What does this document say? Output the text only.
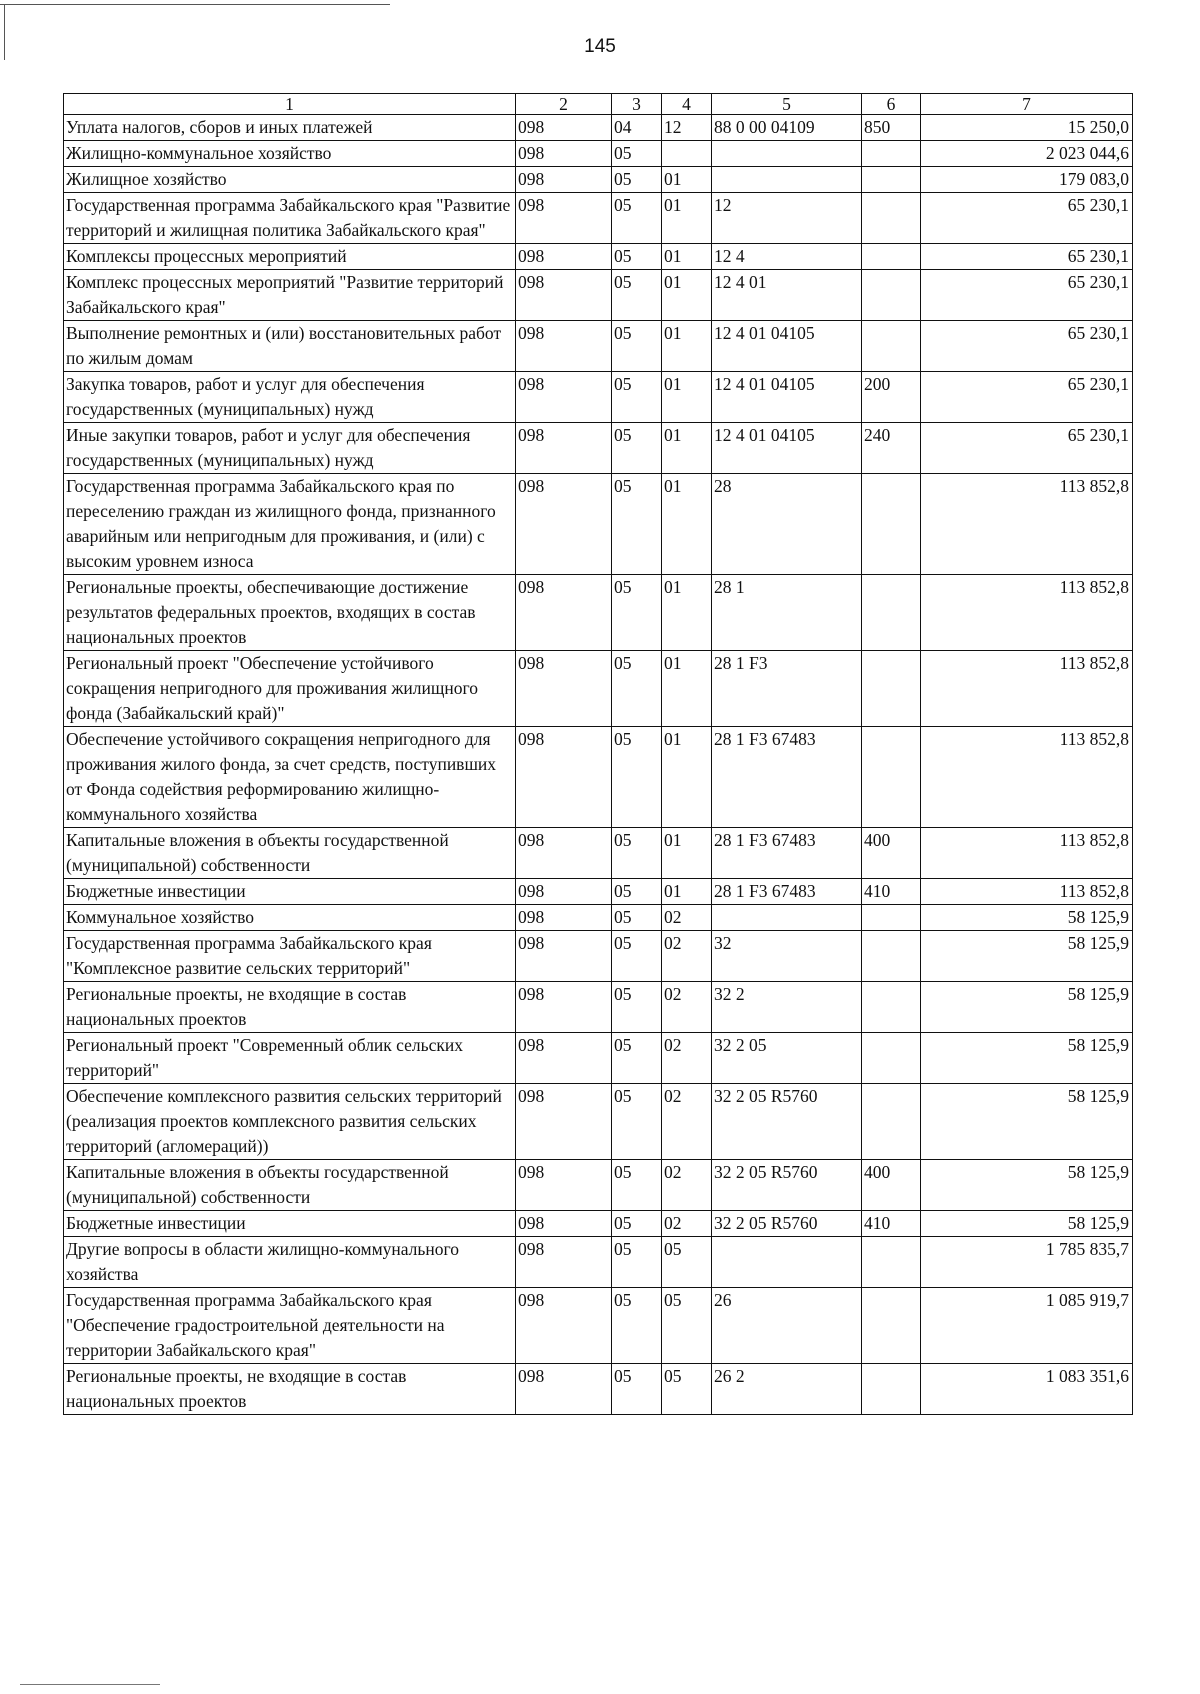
145
1	2	3	4	5	6	7
Уплата налогов, сборов и иных платежей	098	04	12	88 0 00 04109	850	15 250,0
Жилищно-коммунальное хозяйство	098	05				2 023 044,6
Жилищное хозяйство	098	05	01			179 083,0
Государственная программа Забайкальского края "Развитие территорий и жилищная политика Забайкальского края"	098	05	01	12		65 230,1
Комплексы процессных мероприятий	098	05	01	12 4		65 230,1
Комплекс процессных мероприятий "Развитие территорий Забайкальского края"	098	05	01	12 4 01		65 230,1
Выполнение ремонтных и (или) восстановительных работ по жилым домам	098	05	01	12 4 01 04105		65 230,1
Закупка товаров, работ и услуг для обеспечения государственных (муниципальных) нужд	098	05	01	12 4 01 04105	200	65 230,1
Иные закупки товаров, работ и услуг для обеспечения государственных (муниципальных) нужд	098	05	01	12 4 01 04105	240	65 230,1
Государственная программа Забайкальского края по переселению граждан из жилищного фонда, признанного аварийным или непригодным для проживания, и (или) с высоким уровнем износа	098	05	01	28		113 852,8
Региональные проекты, обеспечивающие достижение результатов федеральных проектов, входящих в состав национальных проектов	098	05	01	28 1		113 852,8
Региональный проект "Обеспечение устойчивого сокращения непригодного для проживания жилищного фонда (Забайкальский край)"	098	05	01	28 1 F3		113 852,8
Обеспечение устойчивого сокращения непригодного для проживания жилого фонда, за счет средств, поступивших от Фонда содействия реформированию жилищно-коммунального хозяйства	098	05	01	28 1 F3 67483		113 852,8
Капитальные вложения в объекты государственной (муниципальной) собственности	098	05	01	28 1 F3 67483	400	113 852,8
Бюджетные инвестиции	098	05	01	28 1 F3 67483	410	113 852,8
Коммунальное хозяйство	098	05	02			58 125,9
Государственная программа Забайкальского края "Комплексное развитие сельских территорий"	098	05	02	32		58 125,9
Региональные проекты, не входящие в состав национальных проектов	098	05	02	32 2		58 125,9
Региональный проект "Современный облик сельских территорий"	098	05	02	32 2 05		58 125,9
Обеспечение комплексного развития сельских территорий (реализация проектов комплексного развития сельских территорий (агломераций))	098	05	02	32 2 05 R5760		58 125,9
Капитальные вложения в объекты государственной (муниципальной) собственности	098	05	02	32 2 05 R5760	400	58 125,9
Бюджетные инвестиции	098	05	02	32 2 05 R5760	410	58 125,9
Другие вопросы в области жилищно-коммунального хозяйства	098	05	05			1 785 835,7
Государственная программа Забайкальского края "Обеспечение градостроительной деятельности на территории Забайкальского края"	098	05	05	26		1 085 919,7
Региональные проекты, не входящие в состав национальных проектов	098	05	05	26 2		1 083 351,6
